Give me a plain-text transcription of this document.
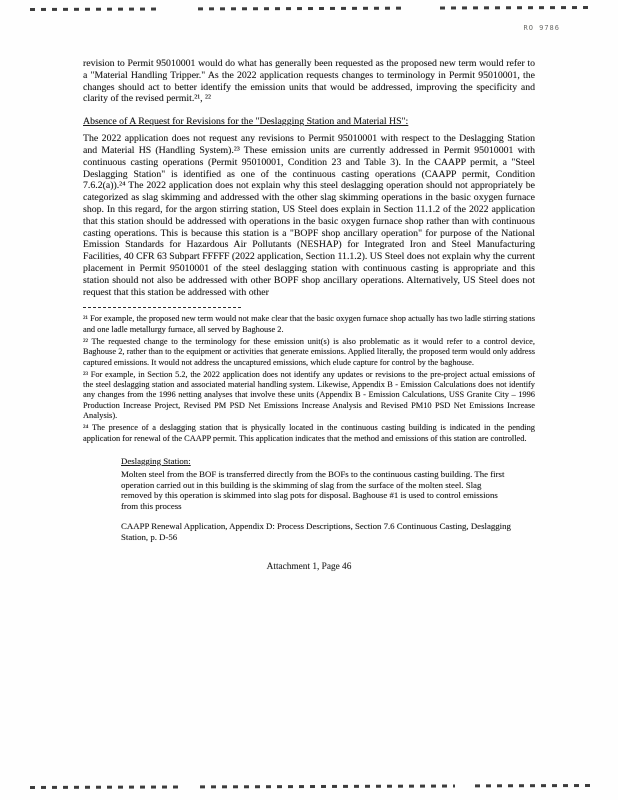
RO 9786

revision to Permit 95010001 would do what has generally been requested as the proposed new term would refer to a "Material Handling Tripper." As the 2022 application requests changes to terminology in Permit 95010001, the changes should act to better identify the emission units that would be addressed, improving the specificity and clarity of the revised permit.²¹, ²²

Absence of A Request for Revisions for the "Deslagging Station and Material HS":

The 2022 application does not request any revisions to Permit 95010001 with respect to the Deslagging Station and Material HS (Handling System).²³ These emission units are currently addressed in Permit 95010001 with continuous casting operations (Permit 95010001, Condition 23 and Table 3). In the CAAPP permit, a "Steel Deslagging Station" is identified as one of the continuous casting operations (CAAPP permit, Condition 7.6.2(a)).²⁴ The 2022 application does not explain why this steel deslagging operation should not appropriately be categorized as slag skimming and addressed with the other slag skimming operations in the basic oxygen furnace shop. In this regard, for the argon stirring station, US Steel does explain in Section 11.1.2 of the 2022 application that this station should be addressed with operations in the basic oxygen furnace shop rather than with continuous casting operations. This is because this station is a "BOPF shop ancillary operation" for purpose of the National Emission Standards for Hazardous Air Pollutants (NESHAP) for Integrated Iron and Steel Manufacturing Facilities, 40 CFR 63 Subpart FFFFF (2022 application, Section 11.1.2). US Steel does not explain why the current placement in Permit 95010001 of the steel deslagging station with continuous casting is appropriate and this station should not also be addressed with other BOPF shop ancillary operations. Alternatively, US Steel does not request that this station be addressed with other

²¹ For example, the proposed new term would not make clear that the basic oxygen furnace shop actually has two ladle stirring stations and one ladle metallurgy furnace, all served by Baghouse 2.

²² The requested change to the terminology for these emission unit(s) is also problematic as it would refer to a control device, Baghouse 2, rather than to the equipment or activities that generate emissions. Applied literally, the proposed term would only address captured emissions. It would not address the uncaptured emissions, which elude capture for control by the baghouse.

²³ For example, in Section 5.2, the 2022 application does not identify any updates or revisions to the pre-project actual emissions of the steel deslagging station and associated material handling system. Likewise, Appendix B - Emission Calculations does not identify any changes from the 1996 netting analyses that involve these units (Appendix B - Emission Calculations, USS Granite City – 1996 Production Increase Project, Revised PM PSD Net Emissions Increase Analysis and Revised PM10 PSD Net Emissions Increase Analysis).

²⁴ The presence of a deslagging station that is physically located in the continuous casting building is indicated in the pending application for renewal of the CAAPP permit. This application indicates that the method and emissions of this station are controlled.

Deslagging Station:

Molten steel from the BOF is transferred directly from the BOFs to the continuous casting building. The first operation carried out in this building is the skimming of slag from the surface of the molten steel. Slag removed by this operation is skimmed into slag pots for disposal. Baghouse #1 is used to control emissions from this process

CAAPP Renewal Application, Appendix D: Process Descriptions, Section 7.6 Continuous Casting, Deslagging Station, p. D-56

Attachment 1, Page 46
